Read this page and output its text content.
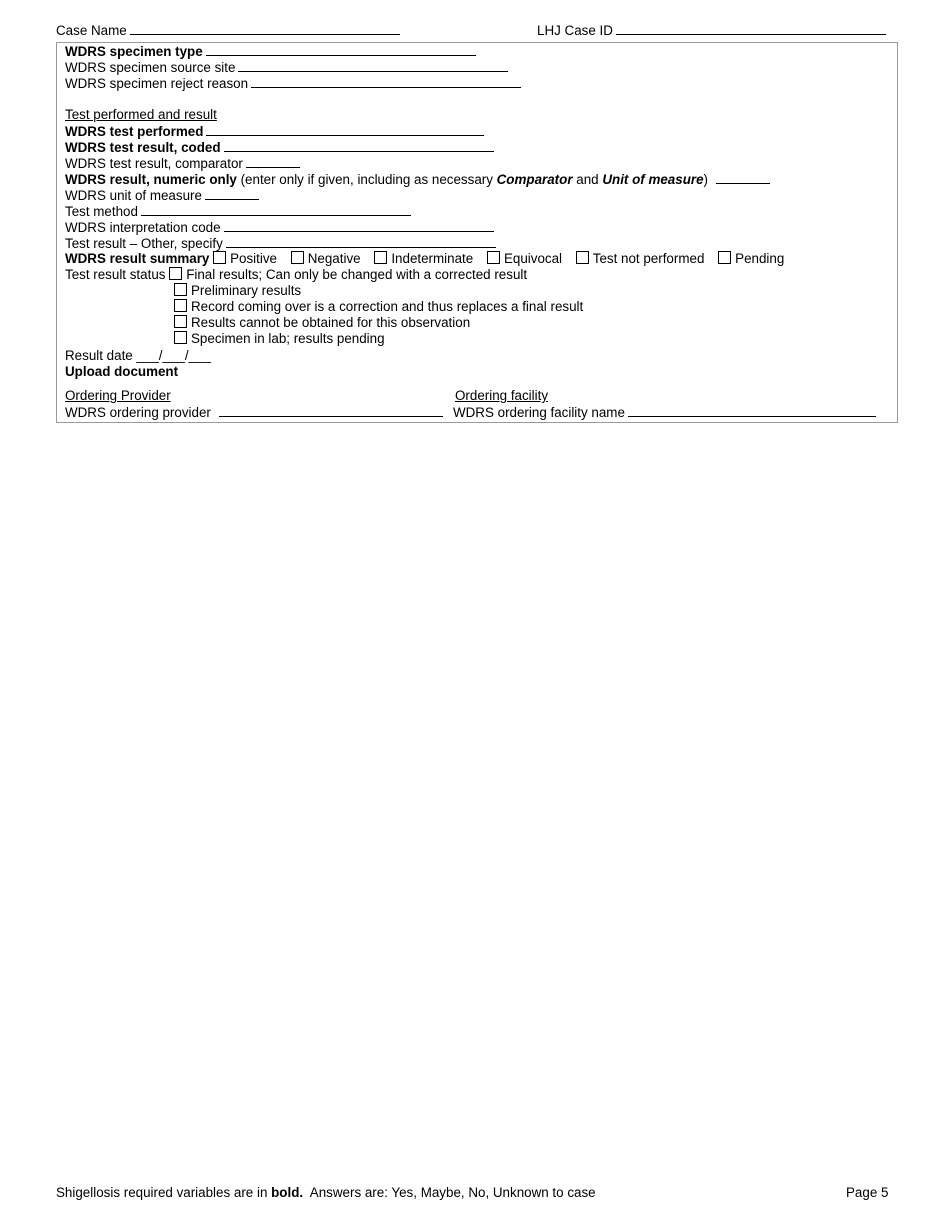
Case Name	LHJ Case ID
WDRS specimen type
WDRS specimen source site
WDRS specimen reject reason
Test performed and result
WDRS test performed
WDRS test result, coded
WDRS test result, comparator
WDRS result, numeric only (enter only if given, including as necessary Comparator and Unit of measure)
WDRS unit of measure
Test method
WDRS interpretation code
Test result – Other, specify
WDRS result summary Positive Negative Indeterminate Equivocal Test not performed Pending
Test result status Final results; Can only be changed with a corrected result
Preliminary results
Record coming over is a correction and thus replaces a final result
Results cannot be obtained for this observation
Specimen in lab; results pending
Result date ___/___/___
Upload document
Ordering Provider	Ordering facility
WDRS ordering provider	WDRS ordering facility name
Shigellosis required variables are in bold.  Answers are: Yes, Maybe, No, Unknown to case	Page 5
